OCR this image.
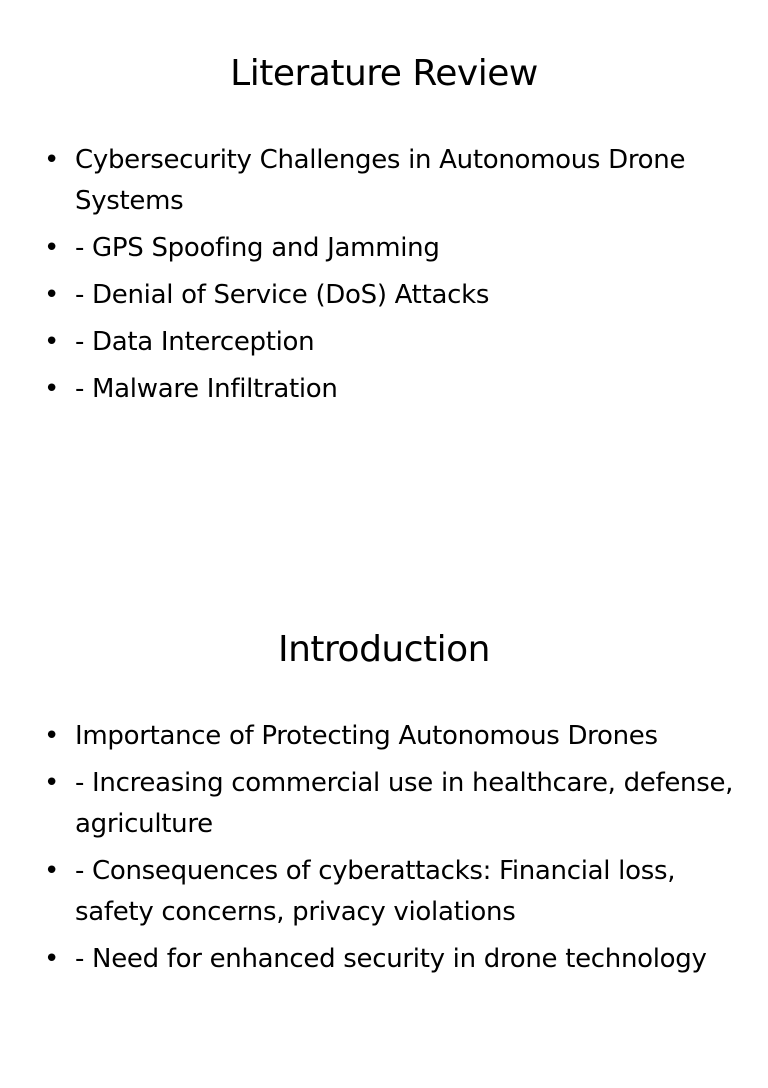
Literature Review
• Cybersecurity Challenges in Autonomous Drone Systems
• - GPS Spoofing and Jamming
• - Denial of Service (DoS) Attacks
• - Data Interception
• - Malware Infiltration
Introduction
• Importance of Protecting Autonomous Drones
• - Increasing commercial use in healthcare, defense, agriculture
• - Consequences of cyberattacks: Financial loss, safety concerns, privacy violations
• - Need for enhanced security in drone technology
